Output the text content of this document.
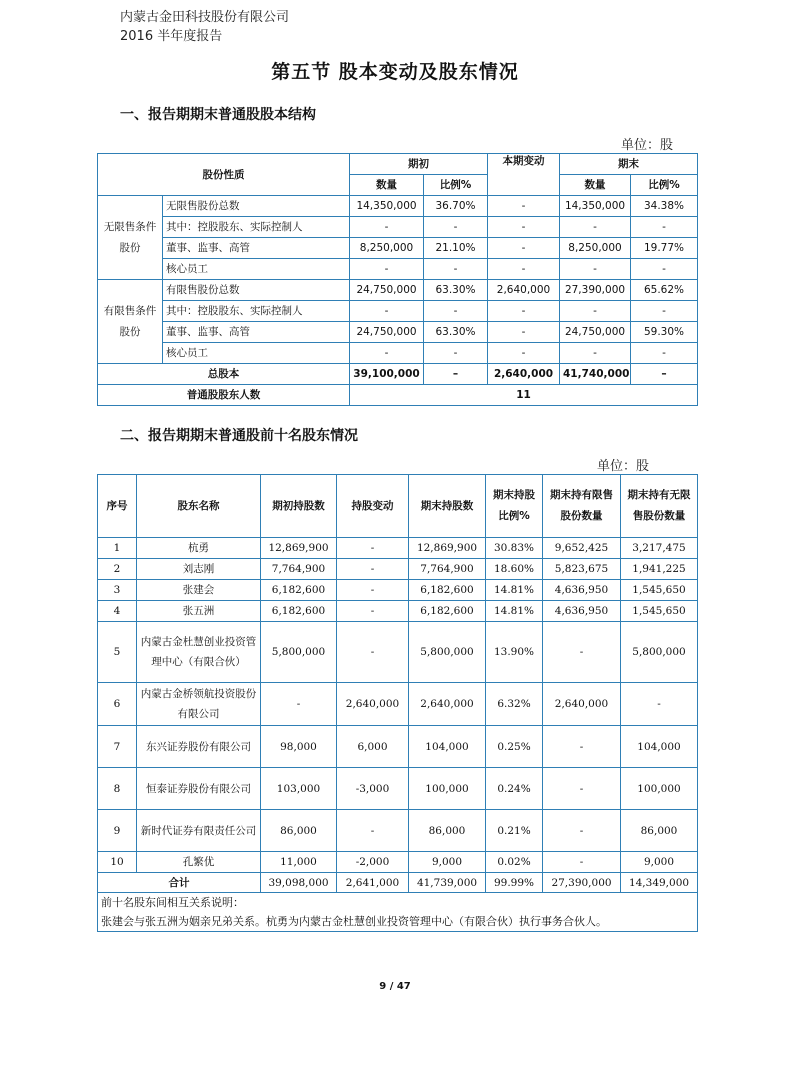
内蒙古金田科技股份有限公司
2016 半年度报告
第五节 股本变动及股东情况
一、报告期期末普通股股本结构
单位：股
股份性质		期初		本期变动	期末	
		数量	比例%		数量	比例%
无限售条件股份	无限售股份总数	14,350,000	36.70%	-	14,350,000	34.38%
	其中：控股股东、实际控制人	-	-	-	-	-
	董事、监事、高管	8,250,000	21.10%	-	8,250,000	19.77%
	核心员工	-	-	-	-	-
有限售条件股份	有限售股份总数	24,750,000	63.30%	2,640,000	27,390,000	65.62%
	其中：控股股东、实际控制人	-	-	-	-	-
	董事、监事、高管	24,750,000	63.30%	-	24,750,000	59.30%
	核心员工	-	-	-	-	-
总股本		39,100,000	–	2,640,000	41,740,000	–
普通股股东人数		11				
二、报告期期末普通股前十名股东情况
单位：股
序号	股东名称	期初持股数	持股变动	期末持股数	期末持股比例%	期末持有限售股份数量	期末持有无限售股份数量
1	杭勇	12,869,900	-	12,869,900	30.83%	9,652,425	3,217,475
2	刘志刚	7,764,900	-	7,764,900	18.60%	5,823,675	1,941,225
3	张建会	6,182,600	-	6,182,600	14.81%	4,636,950	1,545,650
4	张五洲	6,182,600	-	6,182,600	14.81%	4,636,950	1,545,650
5	内蒙古金杜慧创业投资管理中心（有限合伙）	5,800,000	-	5,800,000	13.90%	-	5,800,000
6	内蒙古金桥领航投资股份有限公司	-	2,640,000	2,640,000	6.32%	2,640,000	-
7	东兴证券股份有限公司	98,000	6,000	104,000	0.25%	-	104,000
8	恒泰证券股份有限公司	103,000	-3,000	100,000	0.24%	-	100,000
9	新时代证券有限责任公司	86,000	-	86,000	0.21%	-	86,000
10	孔繁优	11,000	-2,000	9,000	0.02%	-	9,000
合计		39,098,000	2,641,000	41,739,000	99.99%	27,390,000	14,349,000

前十名股东间相互关系说明：
张建会与张五洲为姻亲兄弟关系。杭勇为内蒙古金杜慧创业投资管理中心（有限合伙）执行事务合伙人。							
9 / 47
